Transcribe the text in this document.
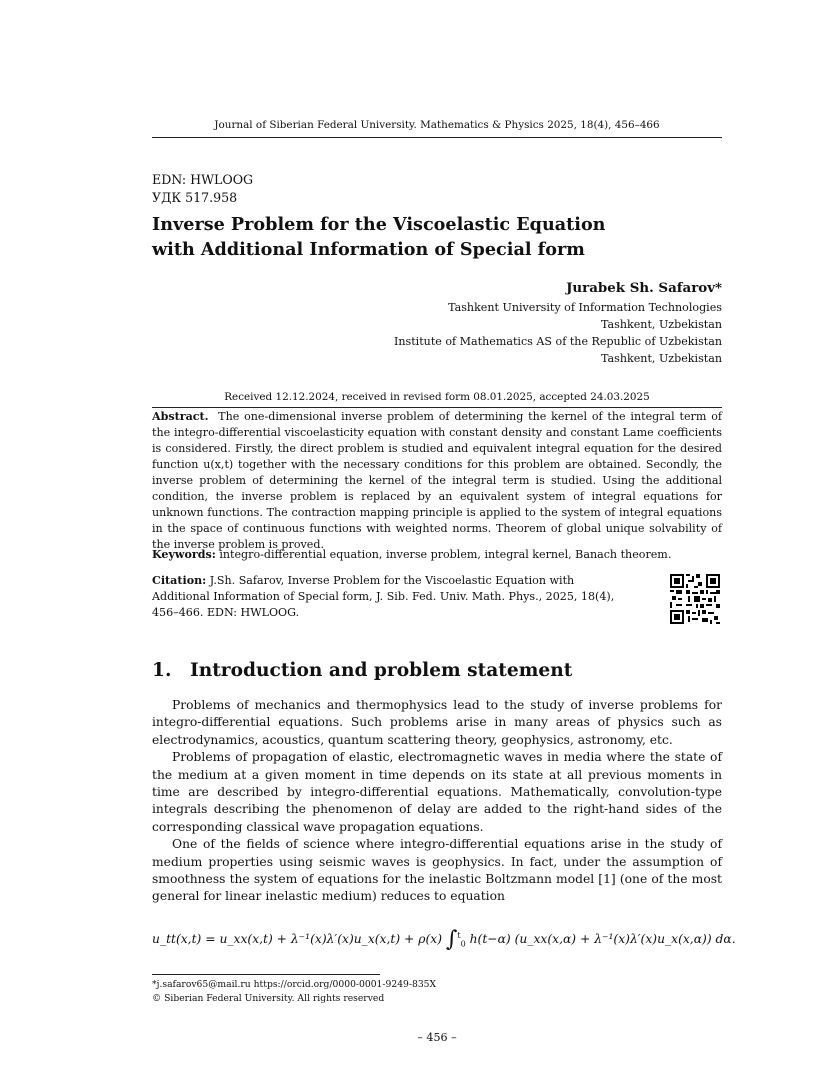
Journal of Siberian Federal University. Mathematics & Physics 2025, 18(4), 456–466
EDN: HWLOOG
УДК 517.958
Inverse Problem for the Viscoelastic Equation
with Additional Information of Special form
Jurabek Sh. Safarov*
Tashkent University of Information Technologies
Tashkent, Uzbekistan
Institute of Mathematics AS of the Republic of Uzbekistan
Tashkent, Uzbekistan
Received 12.12.2024, received in revised form 08.01.2025, accepted 24.03.2025

Abstract. The one-dimensional inverse problem of determining the kernel of the integral term of the integro-differential viscoelasticity equation with constant density and constant Lame coefficients is considered. Firstly, the direct problem is studied and equivalent integral equation for the desired function u(x,t) together with the necessary conditions for this problem are obtained. Secondly, the inverse problem of determining the kernel of the integral term is studied. Using the additional condition, the inverse problem is replaced by an equivalent system of integral equations for unknown functions. The contraction mapping principle is applied to the system of integral equations in the space of continuous functions with weighted norms. Theorem of global unique solvability of the inverse problem is proved.

Keywords: integro-differential equation, inverse problem, integral kernel, Banach theorem.
Citation: J.Sh. Safarov, Inverse Problem for the Viscoelastic Equation with Additional Information of Special form, J. Sib. Fed. Univ. Math. Phys., 2025, 18(4), 456–466. EDN: HWLOOG.
1. Introduction and problem statement

Problems of mechanics and thermophysics lead to the study of inverse problems for integro-differential equations. Such problems arise in many areas of physics such as electrodynamics, acoustics, quantum scattering theory, geophysics, astronomy, etc.

Problems of propagation of elastic, electromagnetic waves in media where the state of the medium at a given moment in time depends on its state at all previous moments in time are described by integro-differential equations. Mathematically, convolution-type integrals describing the phenomenon of delay are added to the right-hand sides of the corresponding classical wave propagation equations.

One of the fields of science where integro-differential equations arise in the study of medium properties using seismic waves is geophysics. In fact, under the assumption of smoothness the system of equations for the inelastic Boltzmann model [1] (one of the most general for linear inelastic medium) reduces to equation

u_tt(x,t) = u_xx(x,t) + λ⁻¹(x)λ′(x)u_x(x,t) + ρ(x) ∫$^t_0$ h(t−α) (u_xx(x,α) + λ⁻¹(x)λ′(x)u_x(x,α)) dα.
*j.safarov65@mail.ru https://orcid.org/0000-0001-9249-835X
© Siberian Federal University. All rights reserved
– 456 –
